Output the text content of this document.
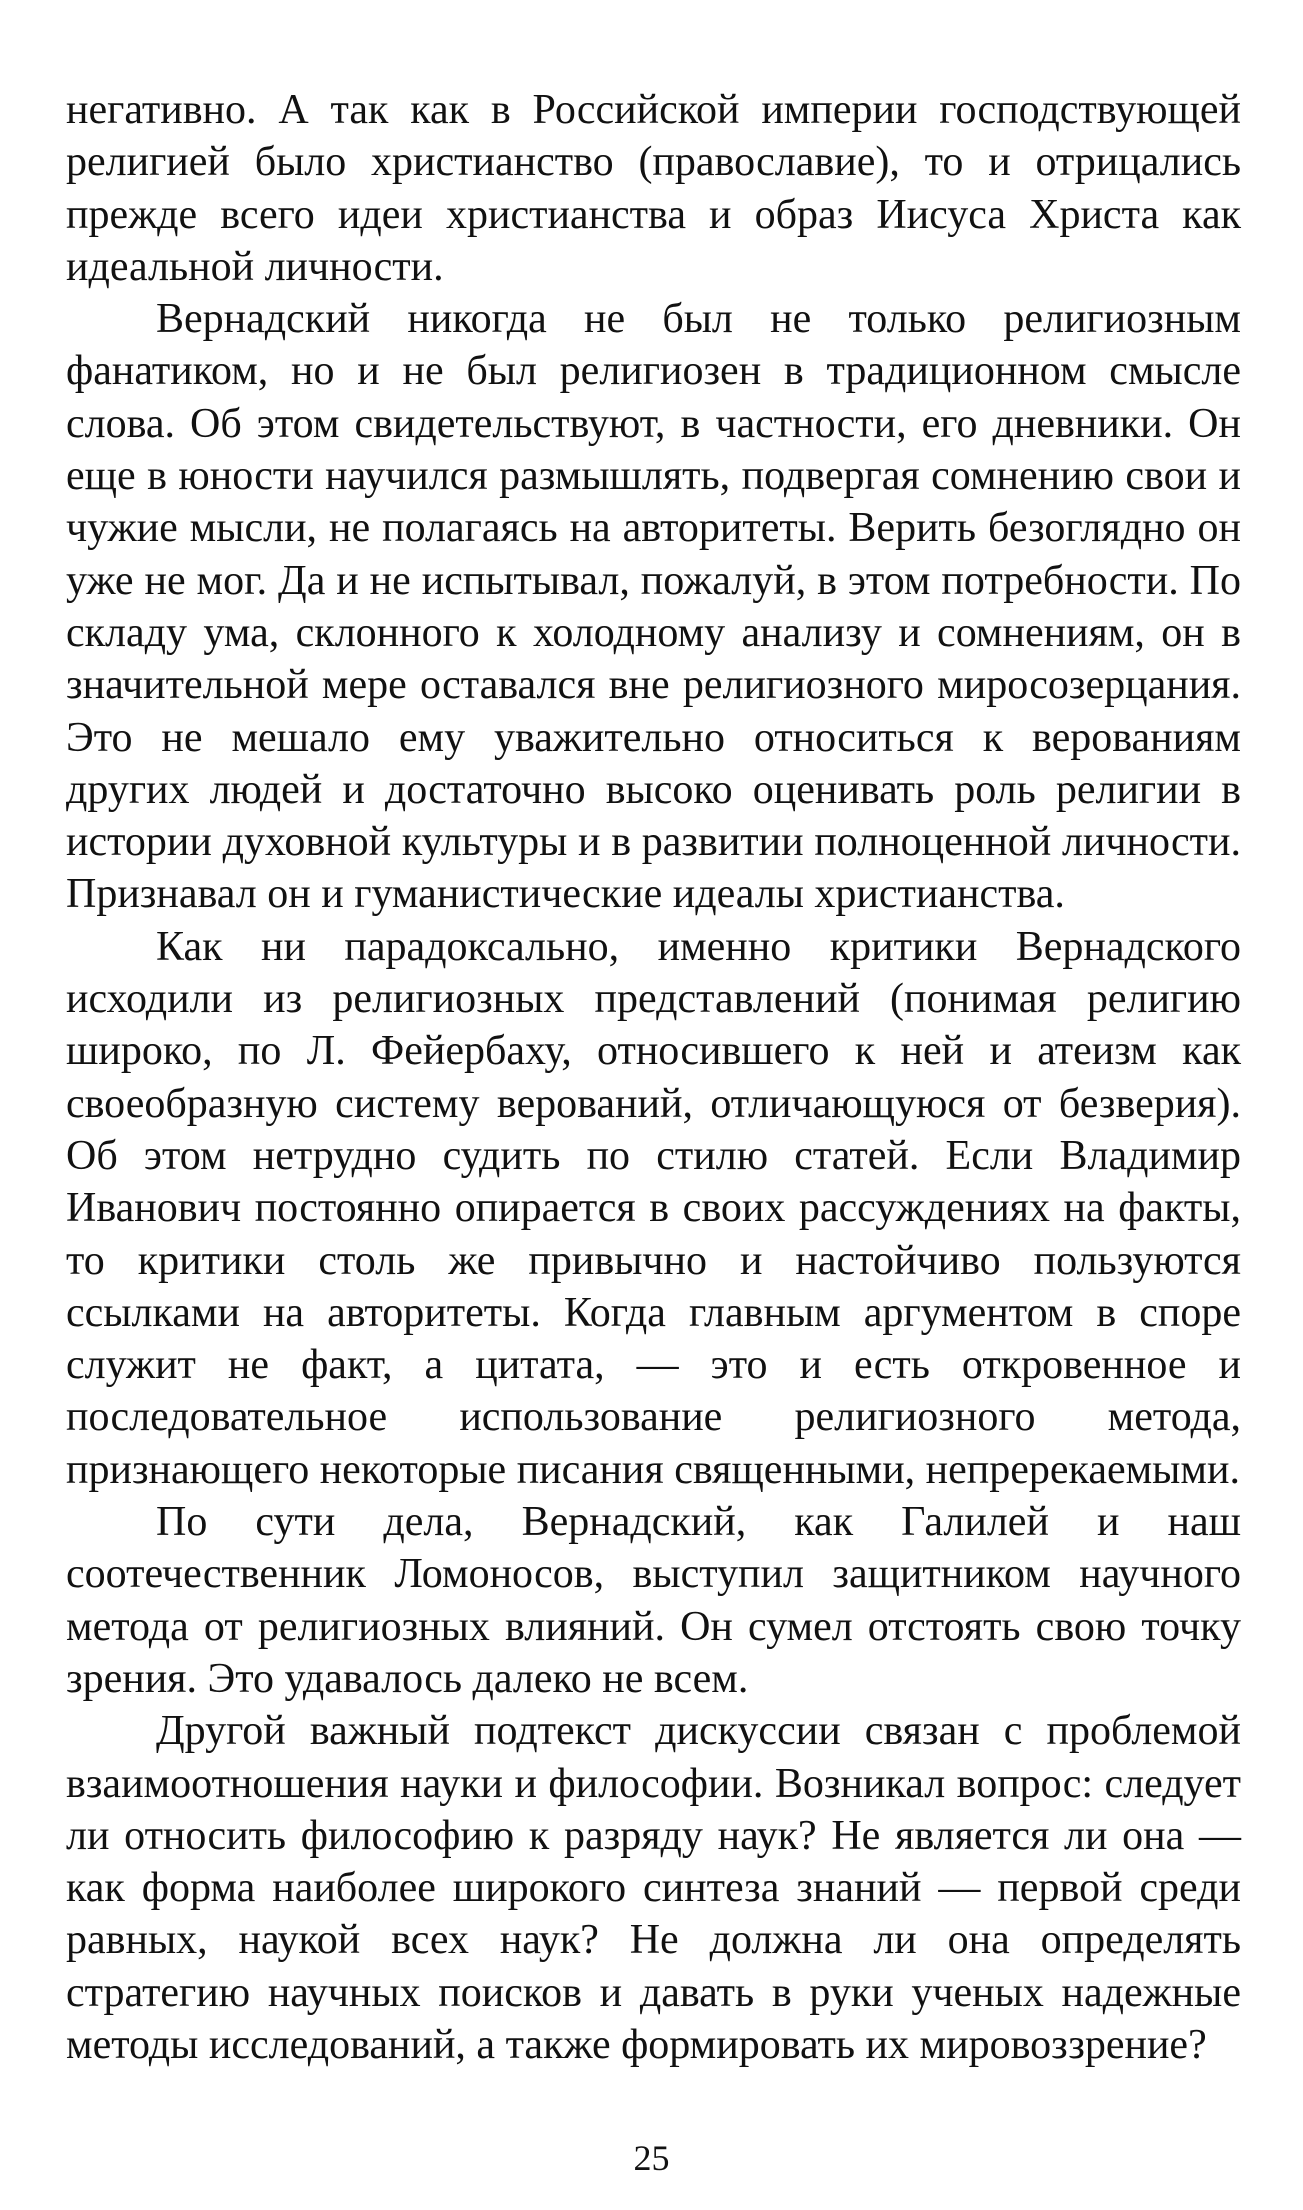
негативно. А так как в Российской империи господствующей религией было христианство (православие), то и отрицались прежде всего идеи христианства и образ Иисуса Христа как идеальной личности.

Вернадский никогда не был не только религиозным фанатиком, но и не был религиозен в традиционном смысле слова. Об этом свидетельствуют, в частности, его дневники. Он еще в юности научился размышлять, подвергая сомнению свои и чужие мысли, не полагаясь на авторитеты. Верить безоглядно он уже не мог. Да и не испытывал, пожалуй, в этом потребности. По складу ума, склонного к холодному анализу и сомнениям, он в значительной мере оставался вне религиозного миросозерцания. Это не мешало ему уважительно относиться к верованиям других людей и достаточно высоко оценивать роль религии в истории духовной культуры и в развитии полноценной личности. Признавал он и гуманистические идеалы христианства.

Как ни парадоксально, именно критики Вернадского исходили из религиозных представлений (понимая религию широко, по Л. Фейербаху, относившего к ней и атеизм как своеобразную систему верований, отличающуюся от безверия). Об этом нетрудно судить по стилю статей. Если Владимир Иванович постоянно опирается в своих рассуждениях на факты, то критики столь же привычно и настойчиво пользуются ссылками на авторитеты. Когда главным аргументом в споре служит не факт, а цитата, — это и есть откровенное и последовательное использование религиозного метода, признающего некоторые писания священными, непререкаемыми.

По сути дела, Вернадский, как Галилей и наш соотечественник Ломоносов, выступил защитником научного метода от религиозных влияний. Он сумел отстоять свою точку зрения. Это удавалось далеко не всем.

Другой важный подтекст дискуссии связан с проблемой взаимоотношения науки и философии. Возникал вопрос: следует ли относить философию к разряду наук? Не является ли она — как форма наиболее широкого синтеза знаний — первой среди равных, наукой всех наук? Не должна ли она определять стратегию научных поисков и давать в руки ученых надежные методы исследований, а также формировать их мировоззрение?

25
